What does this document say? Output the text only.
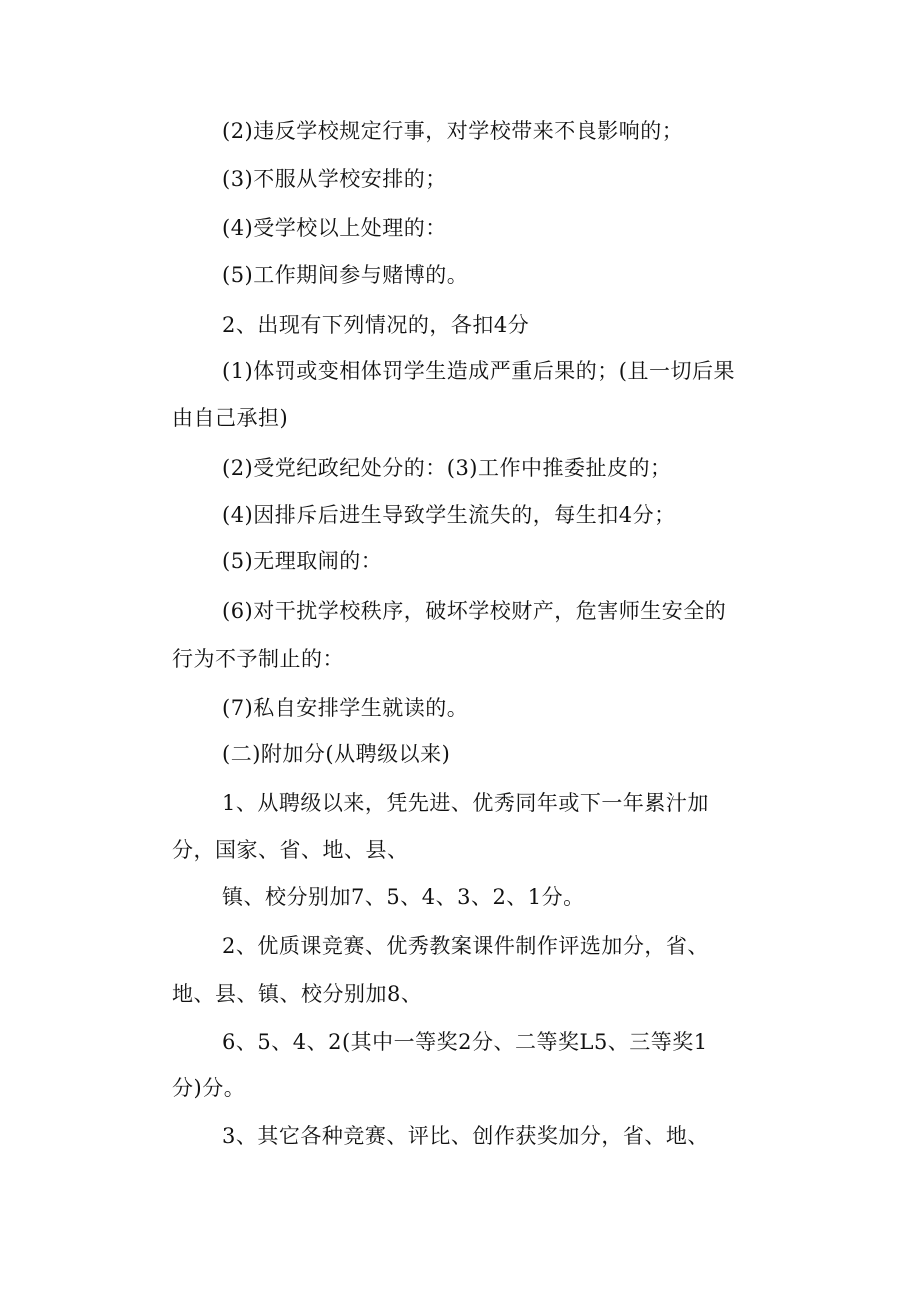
(2)违反学校规定行事，对学校带来不良影响的；

(3)不服从学校安排的；

(4)受学校以上处理的：

(5)工作期间参与赌博的。

2、出现有下列情况的，各扣4分

(1)体罚或变相体罚学生造成严重后果的；(且一切后果

由自己承担)

(2)受党纪政纪处分的：(3)工作中推委扯皮的；

(4)因排斥后进生导致学生流失的，每生扣4分；

(5)无理取闹的：

(6)对干扰学校秩序，破坏学校财产，危害师生安全的

行为不予制止的：

(7)私自安排学生就读的。

(二)附加分(从聘级以来)

1、从聘级以来，凭先进、优秀同年或下一年累汁加

分，国家、省、地、县、

镇、校分别加7、5、4、3、2、1分。

2、优质课竞赛、优秀教案课件制作评选加分，省、

地、县、镇、校分别加8、

6、5、4、2(其中一等奖2分、二等奖L5、三等奖1

分)分。

3、其它各种竞赛、评比、创作获奖加分，省、地、
